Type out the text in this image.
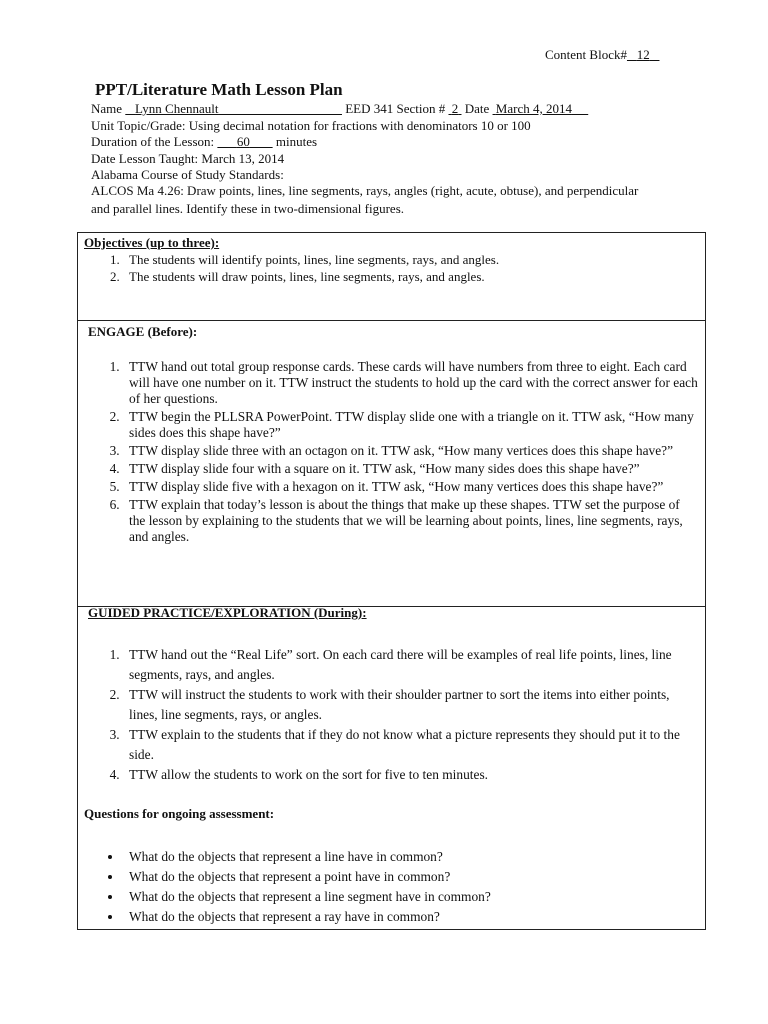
Content Block# 12
PPT/Literature Math Lesson Plan
Name Lynn Chennault	EED 341 Section # 2 Date March 4, 2014
Unit Topic/Grade: Using decimal notation for fractions with denominators 10 or 100
Duration of the Lesson: 60 minutes
Date Lesson Taught: March 13, 2014
Alabama Course of Study Standards:
ALCOS Ma 4.26: Draw points, lines, line segments, rays, angles (right, acute, obtuse), and perpendicular
and parallel lines. Identify these in two-dimensional figures.
Objectives (up to three):
1. The students will identify points, lines, line segments, rays, and angles.
2. The students will draw points, lines, line segments, rays, and angles.
ENGAGE (Before):
1. TTW hand out total group response cards. These cards will have numbers from three to eight. Each card will have one number on it. TTW instruct the students to hold up the card with the correct answer for each of her questions.
2. TTW begin the PLLSRA PowerPoint. TTW display slide one with a triangle on it. TTW ask, “How many sides does this shape have?”
3. TTW display slide three with an octagon on it. TTW ask, “How many vertices does this shape have?”
4. TTW display slide four with a square on it. TTW ask, “How many sides does this shape have?”
5. TTW display slide five with a hexagon on it. TTW ask, “How many vertices does this shape have?”
6. TTW explain that today’s lesson is about the things that make up these shapes. TTW set the purpose of the lesson by explaining to the students that we will be learning about points, lines, line segments, rays, and angles.
GUIDED PRACTICE/EXPLORATION (During):
1. TTW hand out the “Real Life” sort. On each card there will be examples of real life points, lines, line segments, rays, and angles.
2. TTW will instruct the students to work with their shoulder partner to sort the items into either points, lines, line segments, rays, or angles.
3. TTW explain to the students that if they do not know what a picture represents they should put it to the side.
4. TTW allow the students to work on the sort for five to ten minutes.
Questions for ongoing assessment:
• What do the objects that represent a line have in common?
• What do the objects that represent a point have in common?
• What do the objects that represent a line segment have in common?
• What do the objects that represent a ray have in common?
